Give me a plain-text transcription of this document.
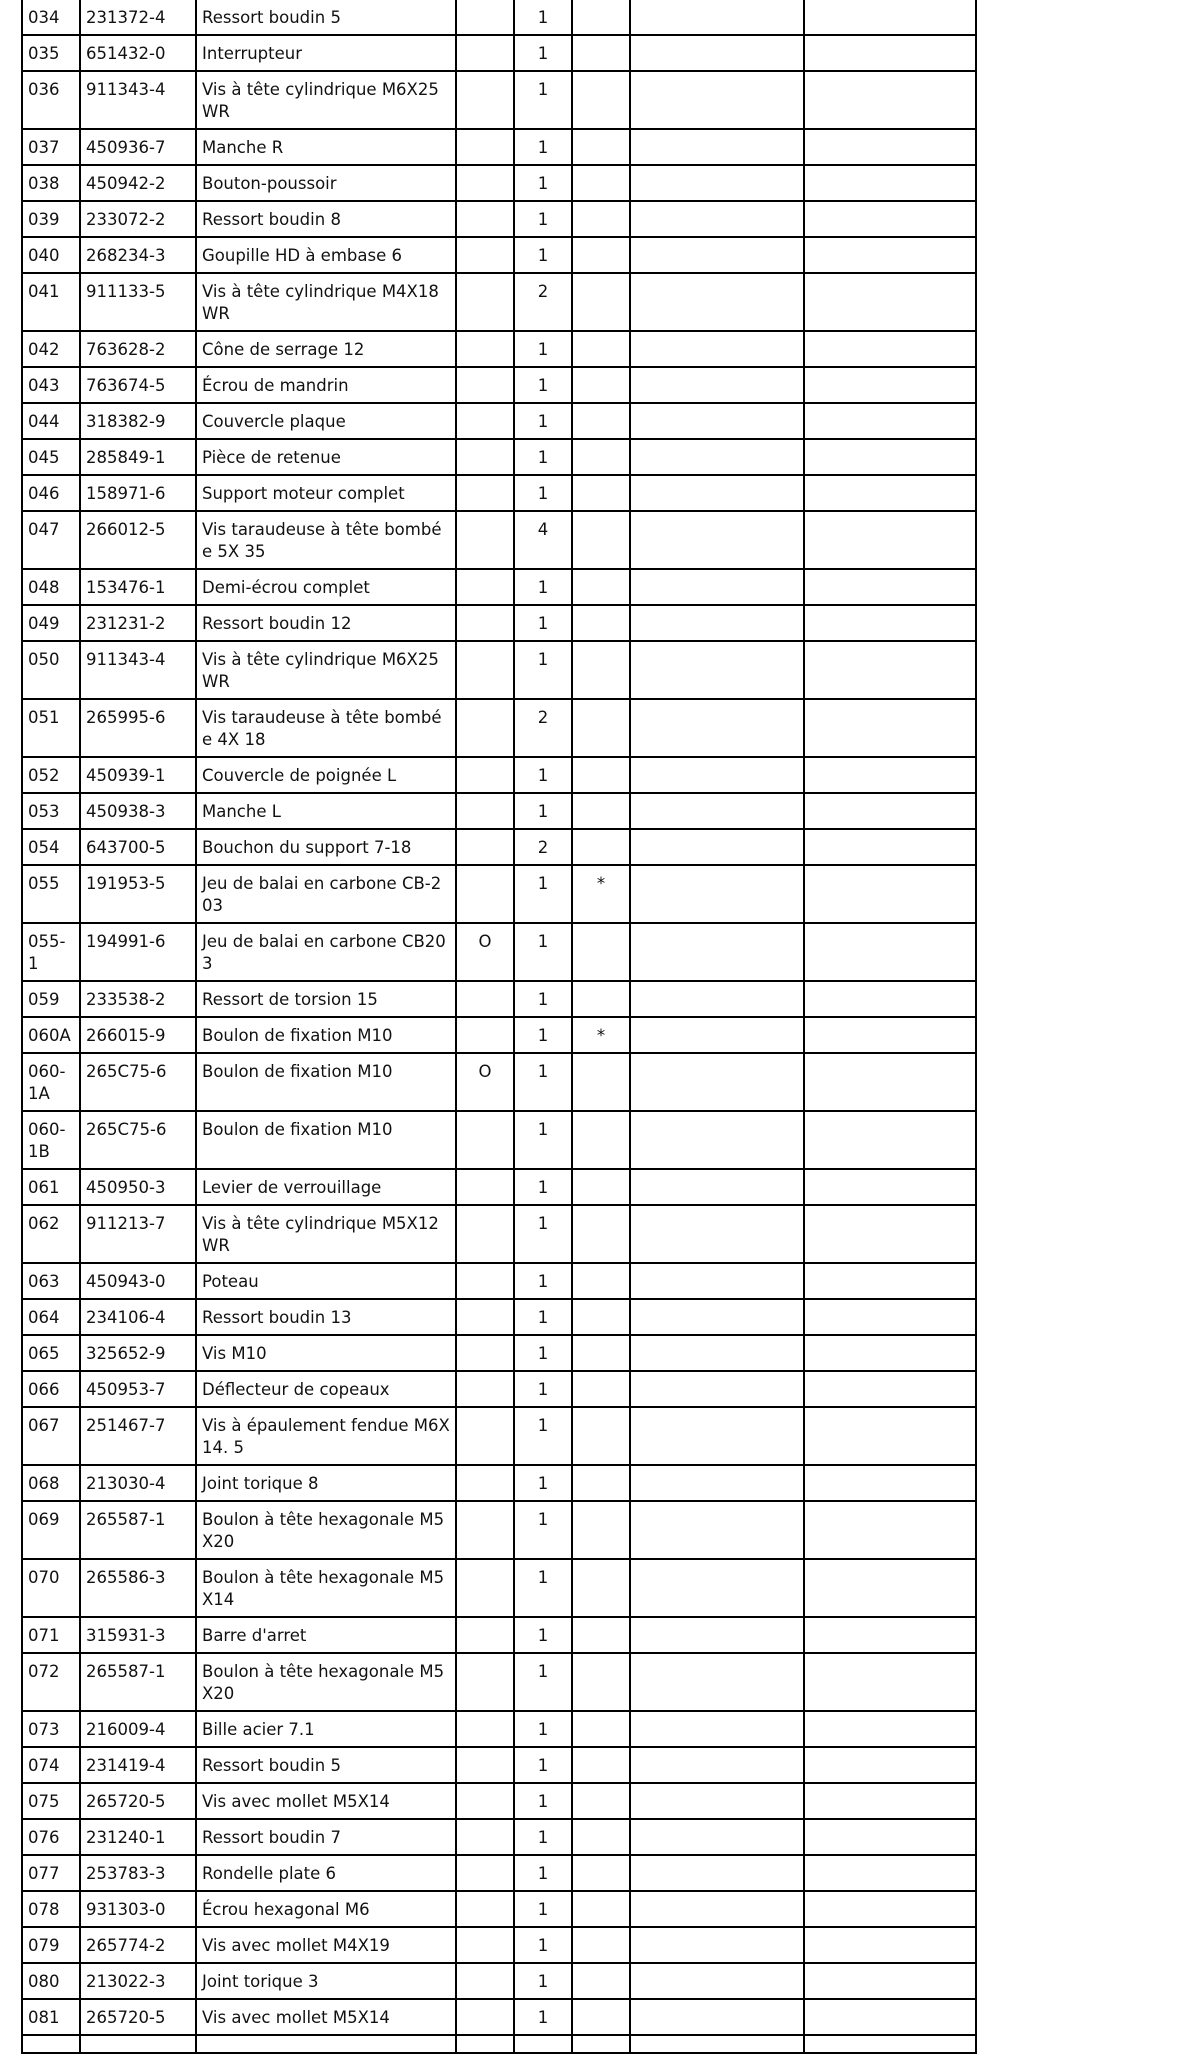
034	231372-4	Ressort boudin 5		1			
035	651432-0	Interrupteur		1			
036	911343-4	Vis à tête cylindrique M6X25 WR		1			
037	450936-7	Manche R		1			
038	450942-2	Bouton-poussoir		1			
039	233072-2	Ressort boudin 8		1			
040	268234-3	Goupille HD à embase 6		1			
041	911133-5	Vis à tête cylindrique M4X18 WR		2			
042	763628-2	Cône de serrage 12		1			
043	763674-5	Écrou de mandrin		1			
044	318382-9	Couvercle plaque		1			
045	285849-1	Pièce de retenue		1			
046	158971-6	Support moteur complet		1			
047	266012-5	Vis taraudeuse à tête bombée 5X 35		4			
048	153476-1	Demi-écrou complet		1			
049	231231-2	Ressort boudin 12		1			
050	911343-4	Vis à tête cylindrique M6X25 WR		1			
051	265995-6	Vis taraudeuse à tête bombée 4X 18		2			
052	450939-1	Couvercle de poignée L		1			
053	450938-3	Manche L		1			
054	643700-5	Bouchon du support 7-18		2			
055	191953-5	Jeu de balai en carbone CB-203		1	*		
055-1	194991-6	Jeu de balai en carbone CB203	O	1			
059	233538-2	Ressort de torsion 15		1			
060A	266015-9	Boulon de fixation M10		1	*		
060-1A	265C75-6	Boulon de fixation M10	O	1			
060-1B	265C75-6	Boulon de fixation M10		1			
061	450950-3	Levier de verrouillage		1			
062	911213-7	Vis à tête cylindrique M5X12 WR		1			
063	450943-0	Poteau		1			
064	234106-4	Ressort boudin 13		1			
065	325652-9	Vis M10		1			
066	450953-7	Déflecteur de copeaux		1			
067	251467-7	Vis à épaulement fendue M6X14. 5		1			
068	213030-4	Joint torique 8		1			
069	265587-1	Boulon à tête hexagonale M5X20		1			
070	265586-3	Boulon à tête hexagonale M5X14		1			
071	315931-3	Barre d'arret		1			
072	265587-1	Boulon à tête hexagonale M5X20		1			
073	216009-4	Bille acier 7.1		1			
074	231419-4	Ressort boudin 5		1			
075	265720-5	Vis avec mollet M5X14		1			
076	231240-1	Ressort boudin 7		1			
077	253783-3	Rondelle plate 6		1			
078	931303-0	Écrou hexagonal M6		1			
079	265774-2	Vis avec mollet M4X19		1			
080	213022-3	Joint torique 3		1			
081	265720-5	Vis avec mollet M5X14		1			
